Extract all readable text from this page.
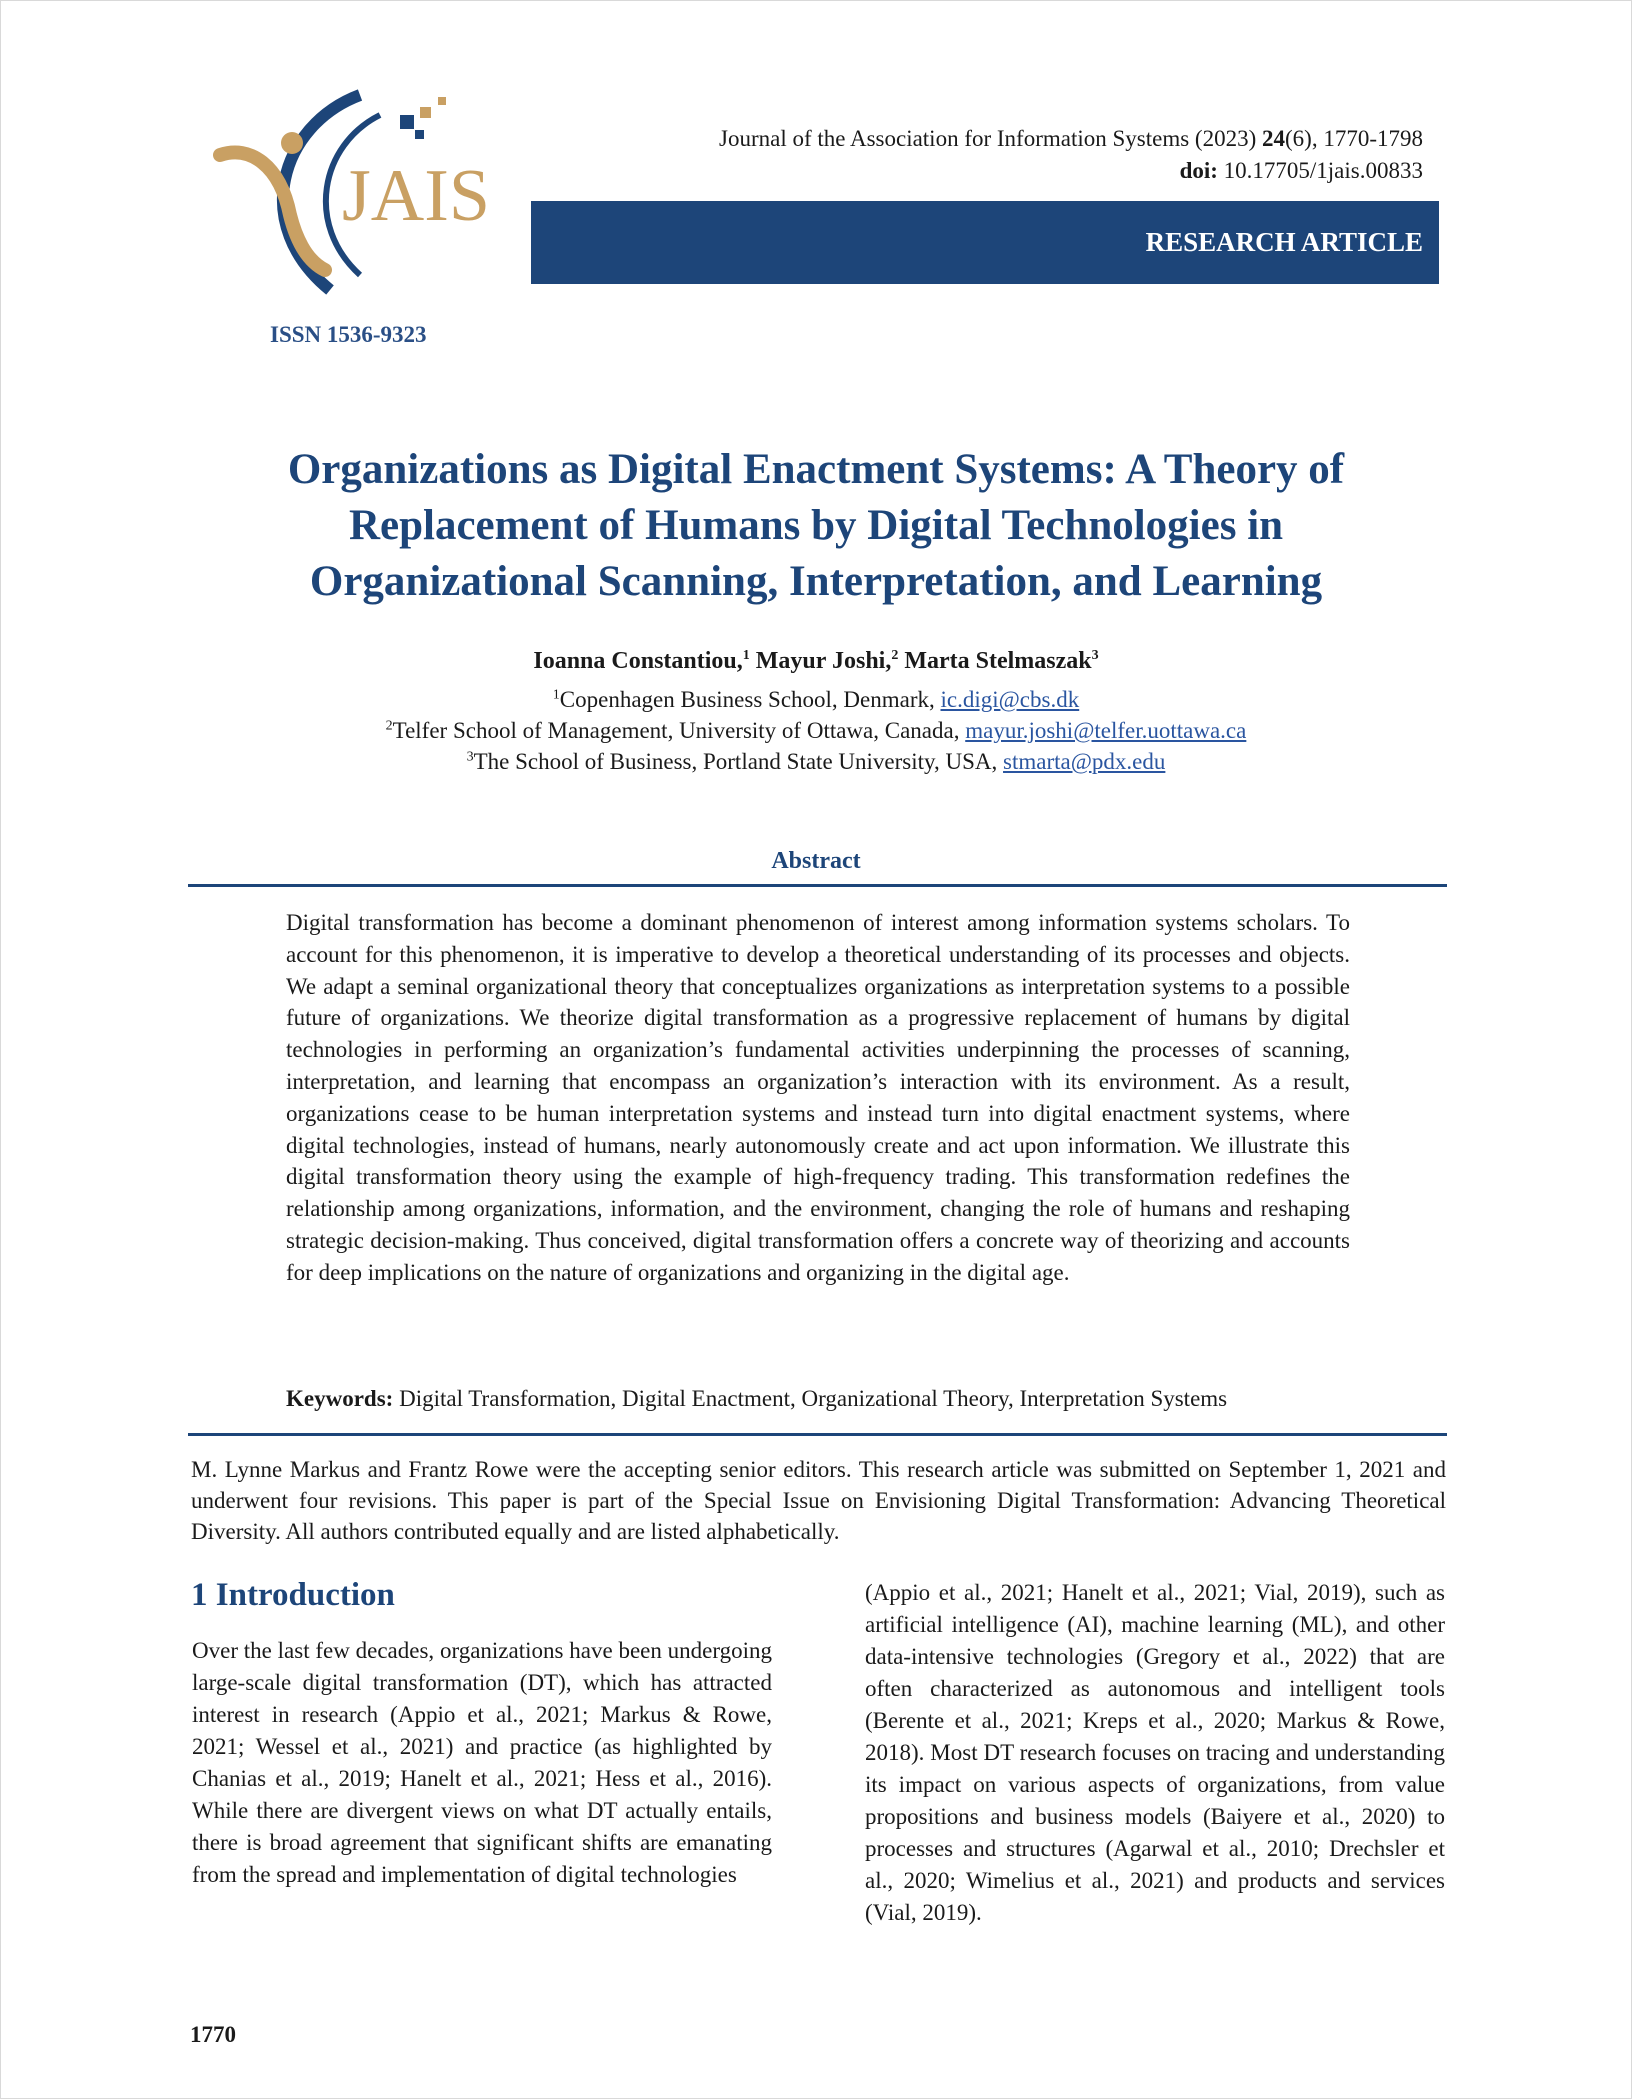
JAIS
ISSN 1536-9323
Journal of the Association for Information Systems (2023) 24(6), 1770-1798
doi: 10.17705/1jais.00833
RESEARCH ARTICLE
Organizations as Digital Enactment Systems: A Theory of
Replacement of Humans by Digital Technologies in
Organizational Scanning, Interpretation, and Learning
Ioanna Constantiou,$^1$ Mayur Joshi,$^2$ Marta Stelmaszak$^3$
$^1$Copenhagen Business School, Denmark, ic.digi@cbs.dk
$^2$Telfer School of Management, University of Ottawa, Canada, mayur.joshi@telfer.uottawa.ca
$^3$The School of Business, Portland State University, USA, stmarta@pdx.edu
Abstract
Digital transformation has become a dominant phenomenon of interest among information systems scholars. To account for this phenomenon, it is imperative to develop a theoretical understanding of its processes and objects. We adapt a seminal organizational theory that conceptualizes organizations as interpretation systems to a possible future of organizations. We theorize digital transformation as a progressive replacement of humans by digital technologies in performing an organization’s fundamental activities underpinning the processes of scanning, interpretation, and learning that encompass an organization’s interaction with its environment. As a result, organizations cease to be human interpretation systems and instead turn into digital enactment systems, where digital technologies, instead of humans, nearly autonomously create and act upon information. We illustrate this digital transformation theory using the example of high-frequency trading. This transformation redefines the relationship among organizations, information, and the environment, changing the role of humans and reshaping strategic decision-making. Thus conceived, digital transformation offers a concrete way of theorizing and accounts for deep implications on the nature of organizations and organizing in the digital age.
Keywords: Digital Transformation, Digital Enactment, Organizational Theory, Interpretation Systems
M. Lynne Markus and Frantz Rowe were the accepting senior editors. This research article was submitted on September 1, 2021 and underwent four revisions. This paper is part of the Special Issue on Envisioning Digital Transformation: Advancing Theoretical Diversity. All authors contributed equally and are listed alphabetically.
1 Introduction
Over the last few decades, organizations have been undergoing large-scale digital transformation (DT), which has attracted interest in research (Appio et al., 2021; Markus & Rowe, 2021; Wessel et al., 2021) and practice (as highlighted by Chanias et al., 2019; Hanelt et al., 2021; Hess et al., 2016). While there are divergent views on what DT actually entails, there is broad agreement that significant shifts are emanating from the spread and implementation of digital technologies
(Appio et al., 2021; Hanelt et al., 2021; Vial, 2019), such as artificial intelligence (AI), machine learning (ML), and other data-intensive technologies (Gregory et al., 2022) that are often characterized as autonomous and intelligent tools (Berente et al., 2021; Kreps et al., 2020; Markus & Rowe, 2018). Most DT research focuses on tracing and understanding its impact on various aspects of organizations, from value propositions and business models (Baiyere et al., 2020) to processes and structures (Agarwal et al., 2010; Drechsler et al., 2020; Wimelius et al., 2021) and products and services (Vial, 2019).
1770
